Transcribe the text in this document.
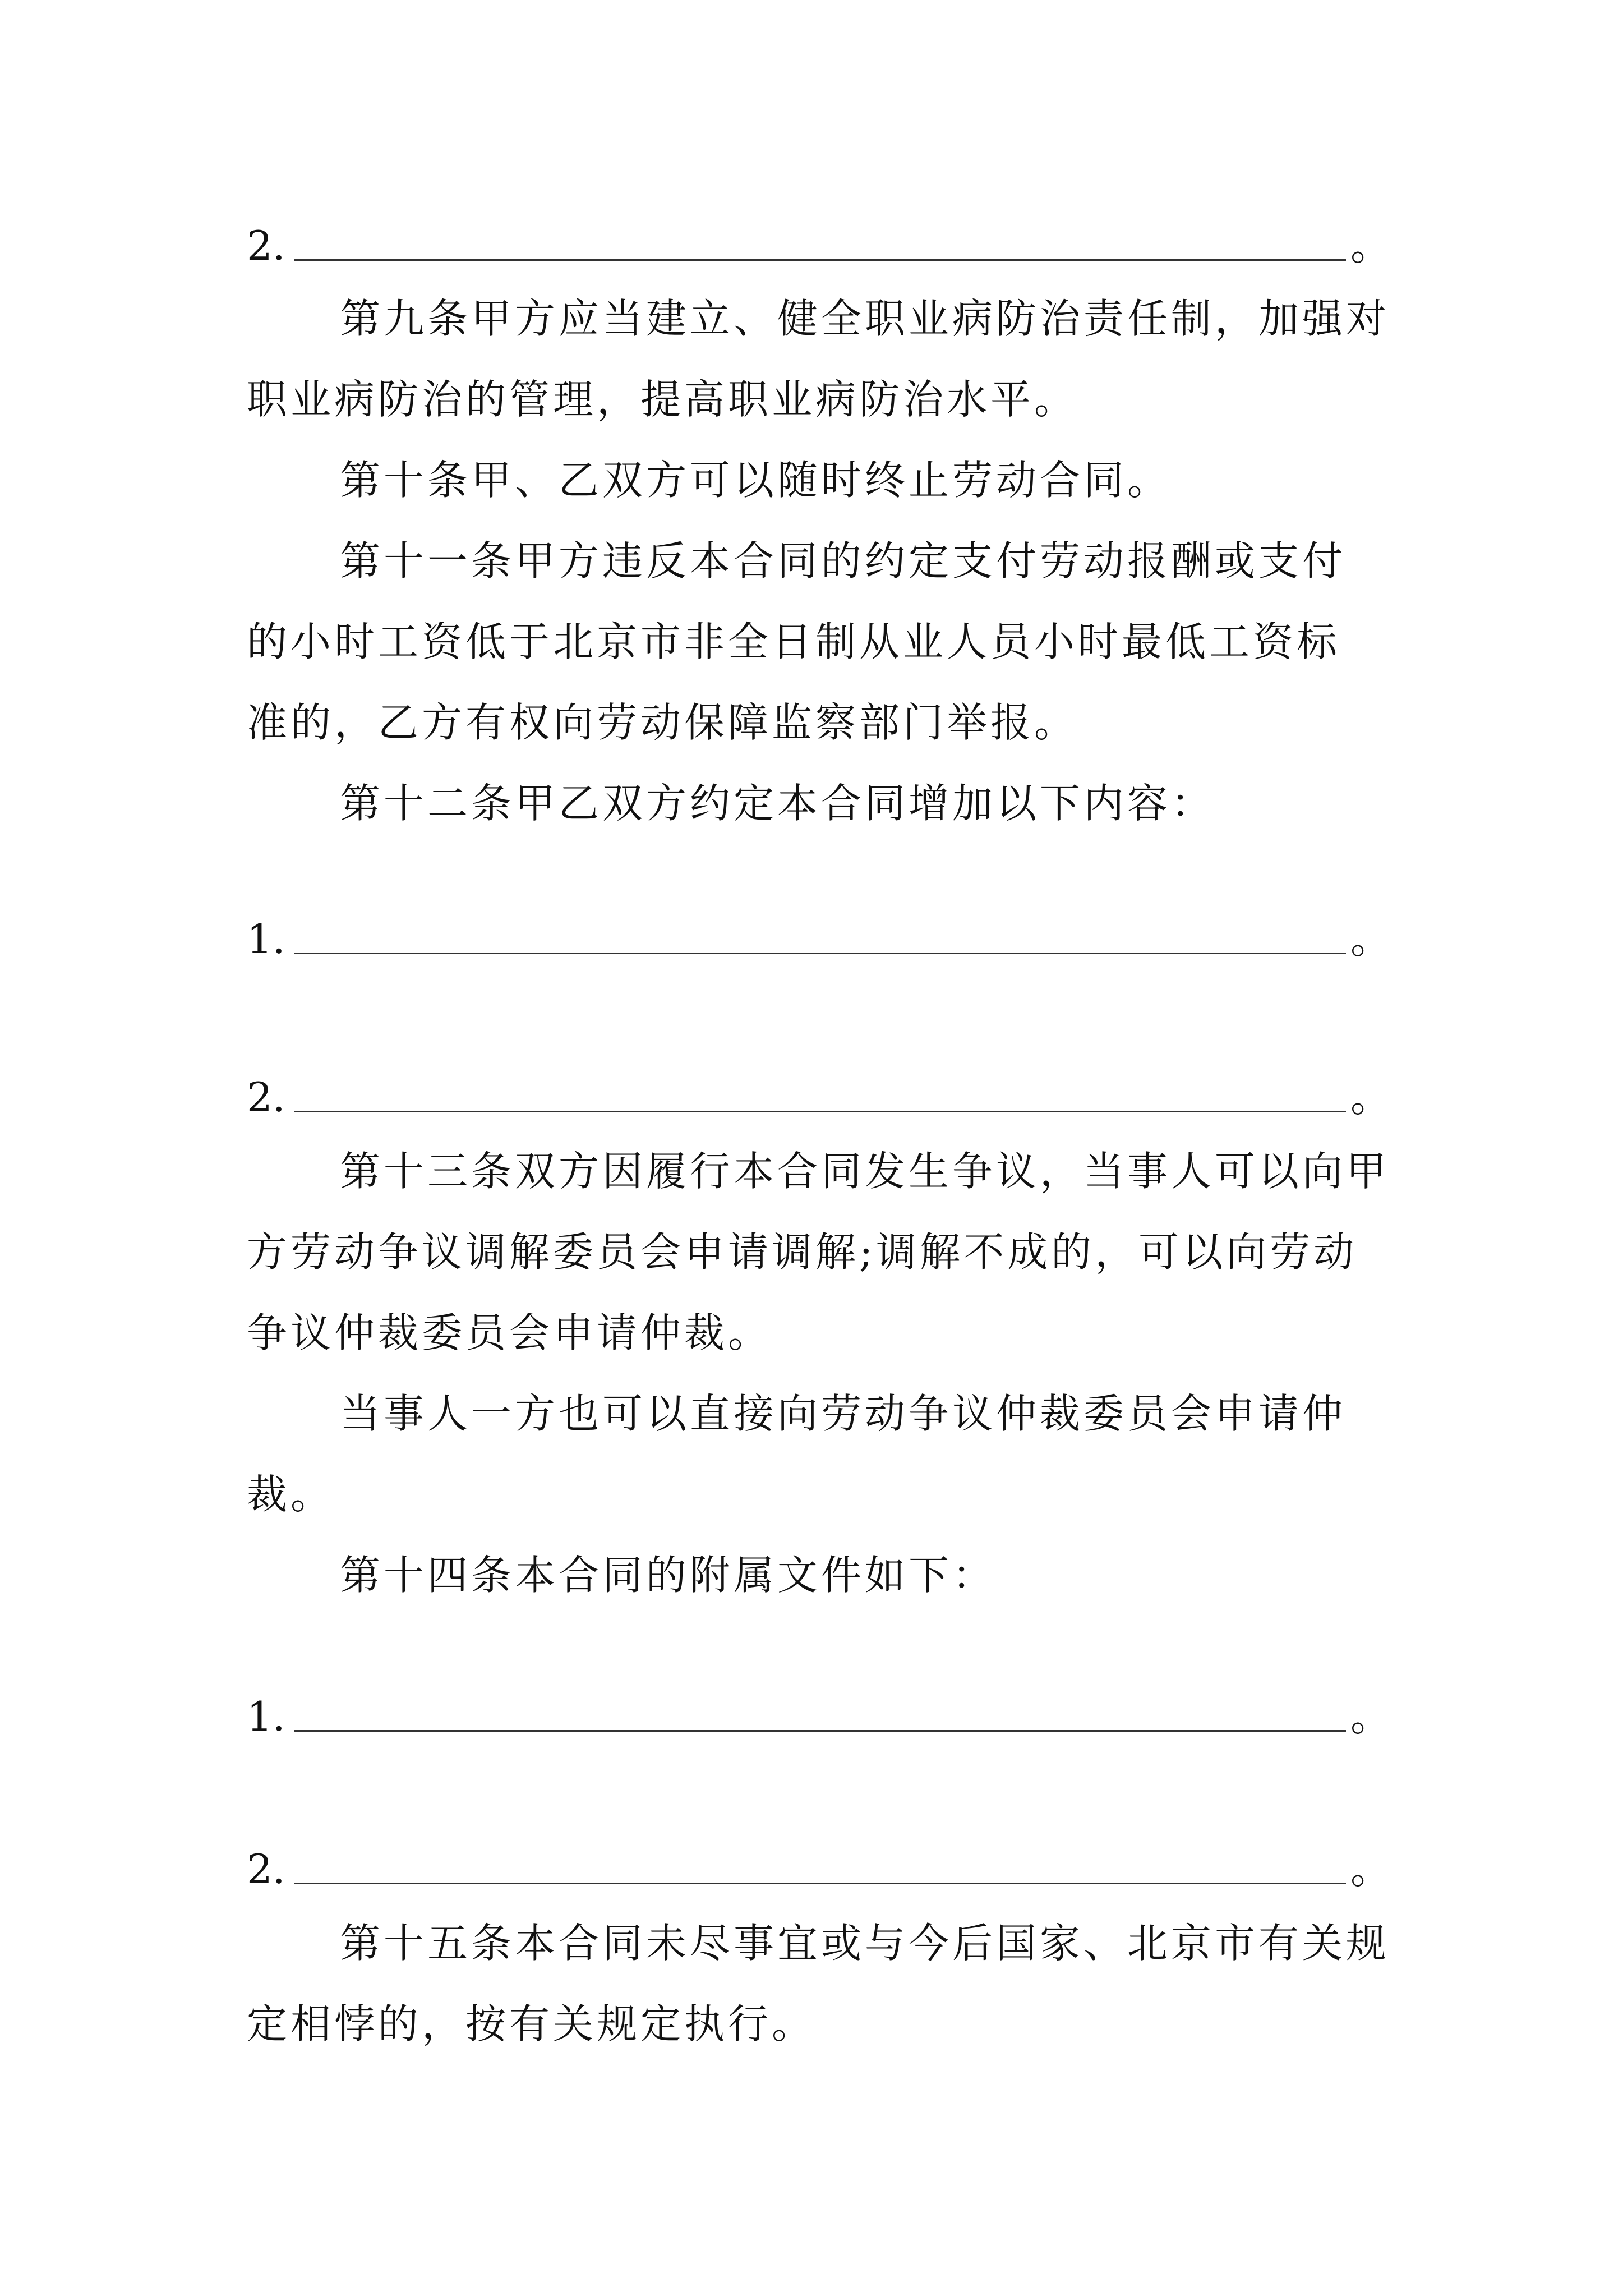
2.	。
第九条甲方应当建立、健全职业病防治责任制，加强对
职业病防治的管理，提高职业病防治水平。
第十条甲、乙双方可以随时终止劳动合同。
第十一条甲方违反本合同的约定支付劳动报酬或支付
的小时工资低于北京市非全日制从业人员小时最低工资标
准的，乙方有权向劳动保障监察部门举报。
第十二条甲乙双方约定本合同增加以下内容：
1.	。
2.	。
第十三条双方因履行本合同发生争议，当事人可以向甲
方劳动争议调解委员会申请调解;调解不成的，可以向劳动
争议仲裁委员会申请仲裁。
当事人一方也可以直接向劳动争议仲裁委员会申请仲
裁。
第十四条本合同的附属文件如下：
1.	。
2.	。
第十五条本合同未尽事宜或与今后国家、北京市有关规
定相悖的，按有关规定执行。
